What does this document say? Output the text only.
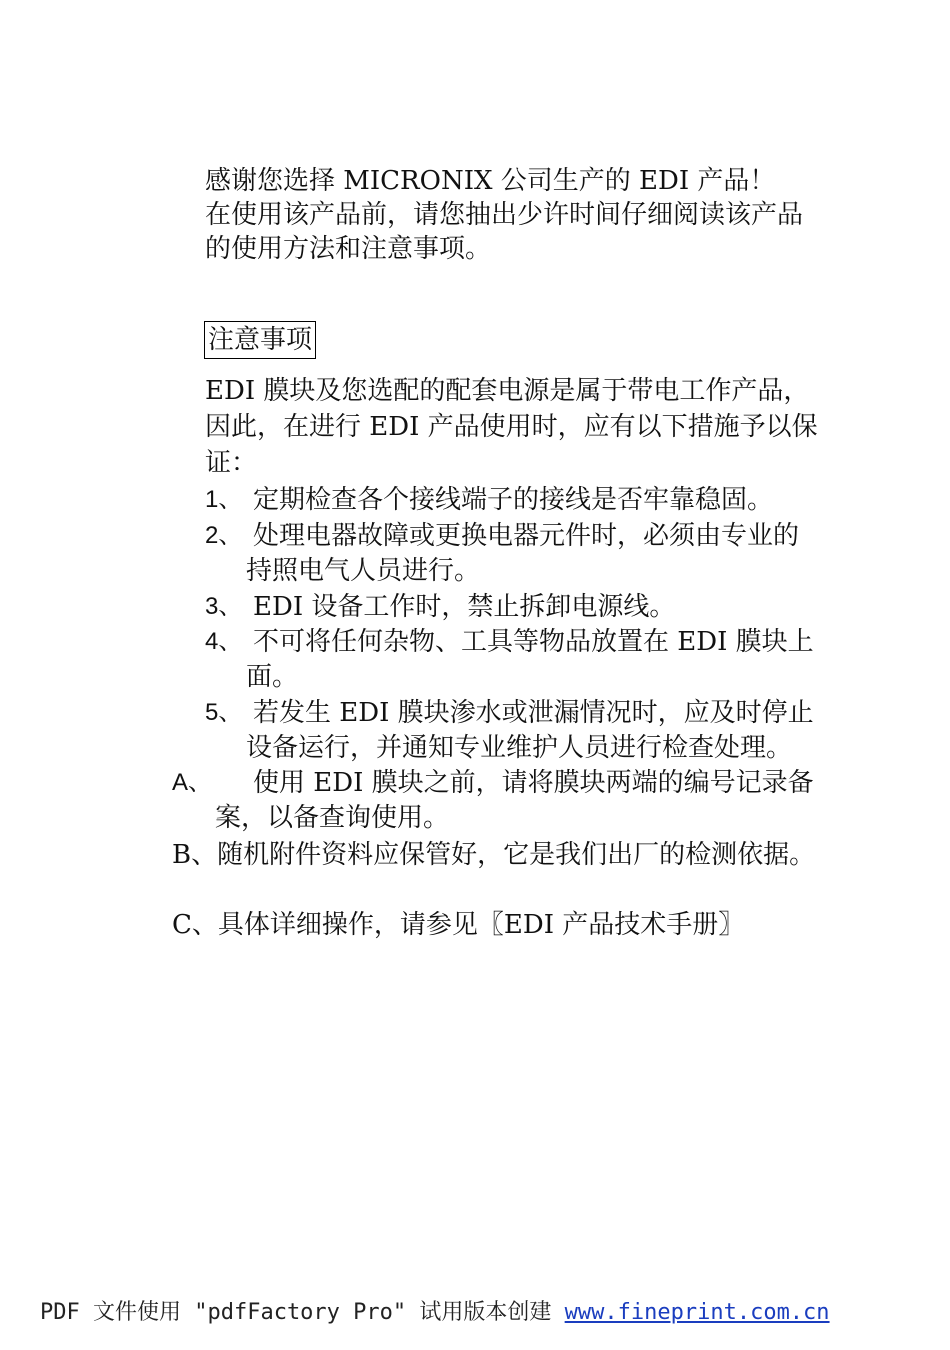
感谢您选择 MICRONIX 公司生产的 EDI 产品！
在使用该产品前，请您抽出少许时间仔细阅读该产品
的使用方法和注意事项。
注意事项
EDI 膜块及您选配的配套电源是属于带电工作产品，
因此，在进行 EDI 产品使用时，应有以下措施予以保
证：
1、 定期检查各个接线端子的接线是否牢靠稳固。
2、 处理电器故障或更换电器元件时，必须由专业的
持照电气人员进行。
3、 EDI 设备工作时，禁止拆卸电源线。
4、 不可将任何杂物、工具等物品放置在 EDI 膜块上
面。
5、 若发生 EDI 膜块渗水或泄漏情况时，应及时停止
设备运行，并通知专业维护人员进行检查处理。
A、 使用 EDI 膜块之前，请将膜块两端的编号记录备
案，以备查询使用。
B、随机附件资料应保管好，它是我们出厂的检测依据。
C、具体详细操作，请参见〖EDI 产品技术手册〗
PDF 文件使用 "pdfFactory Pro" 试用版本创建 www.fineprint.com.cn
